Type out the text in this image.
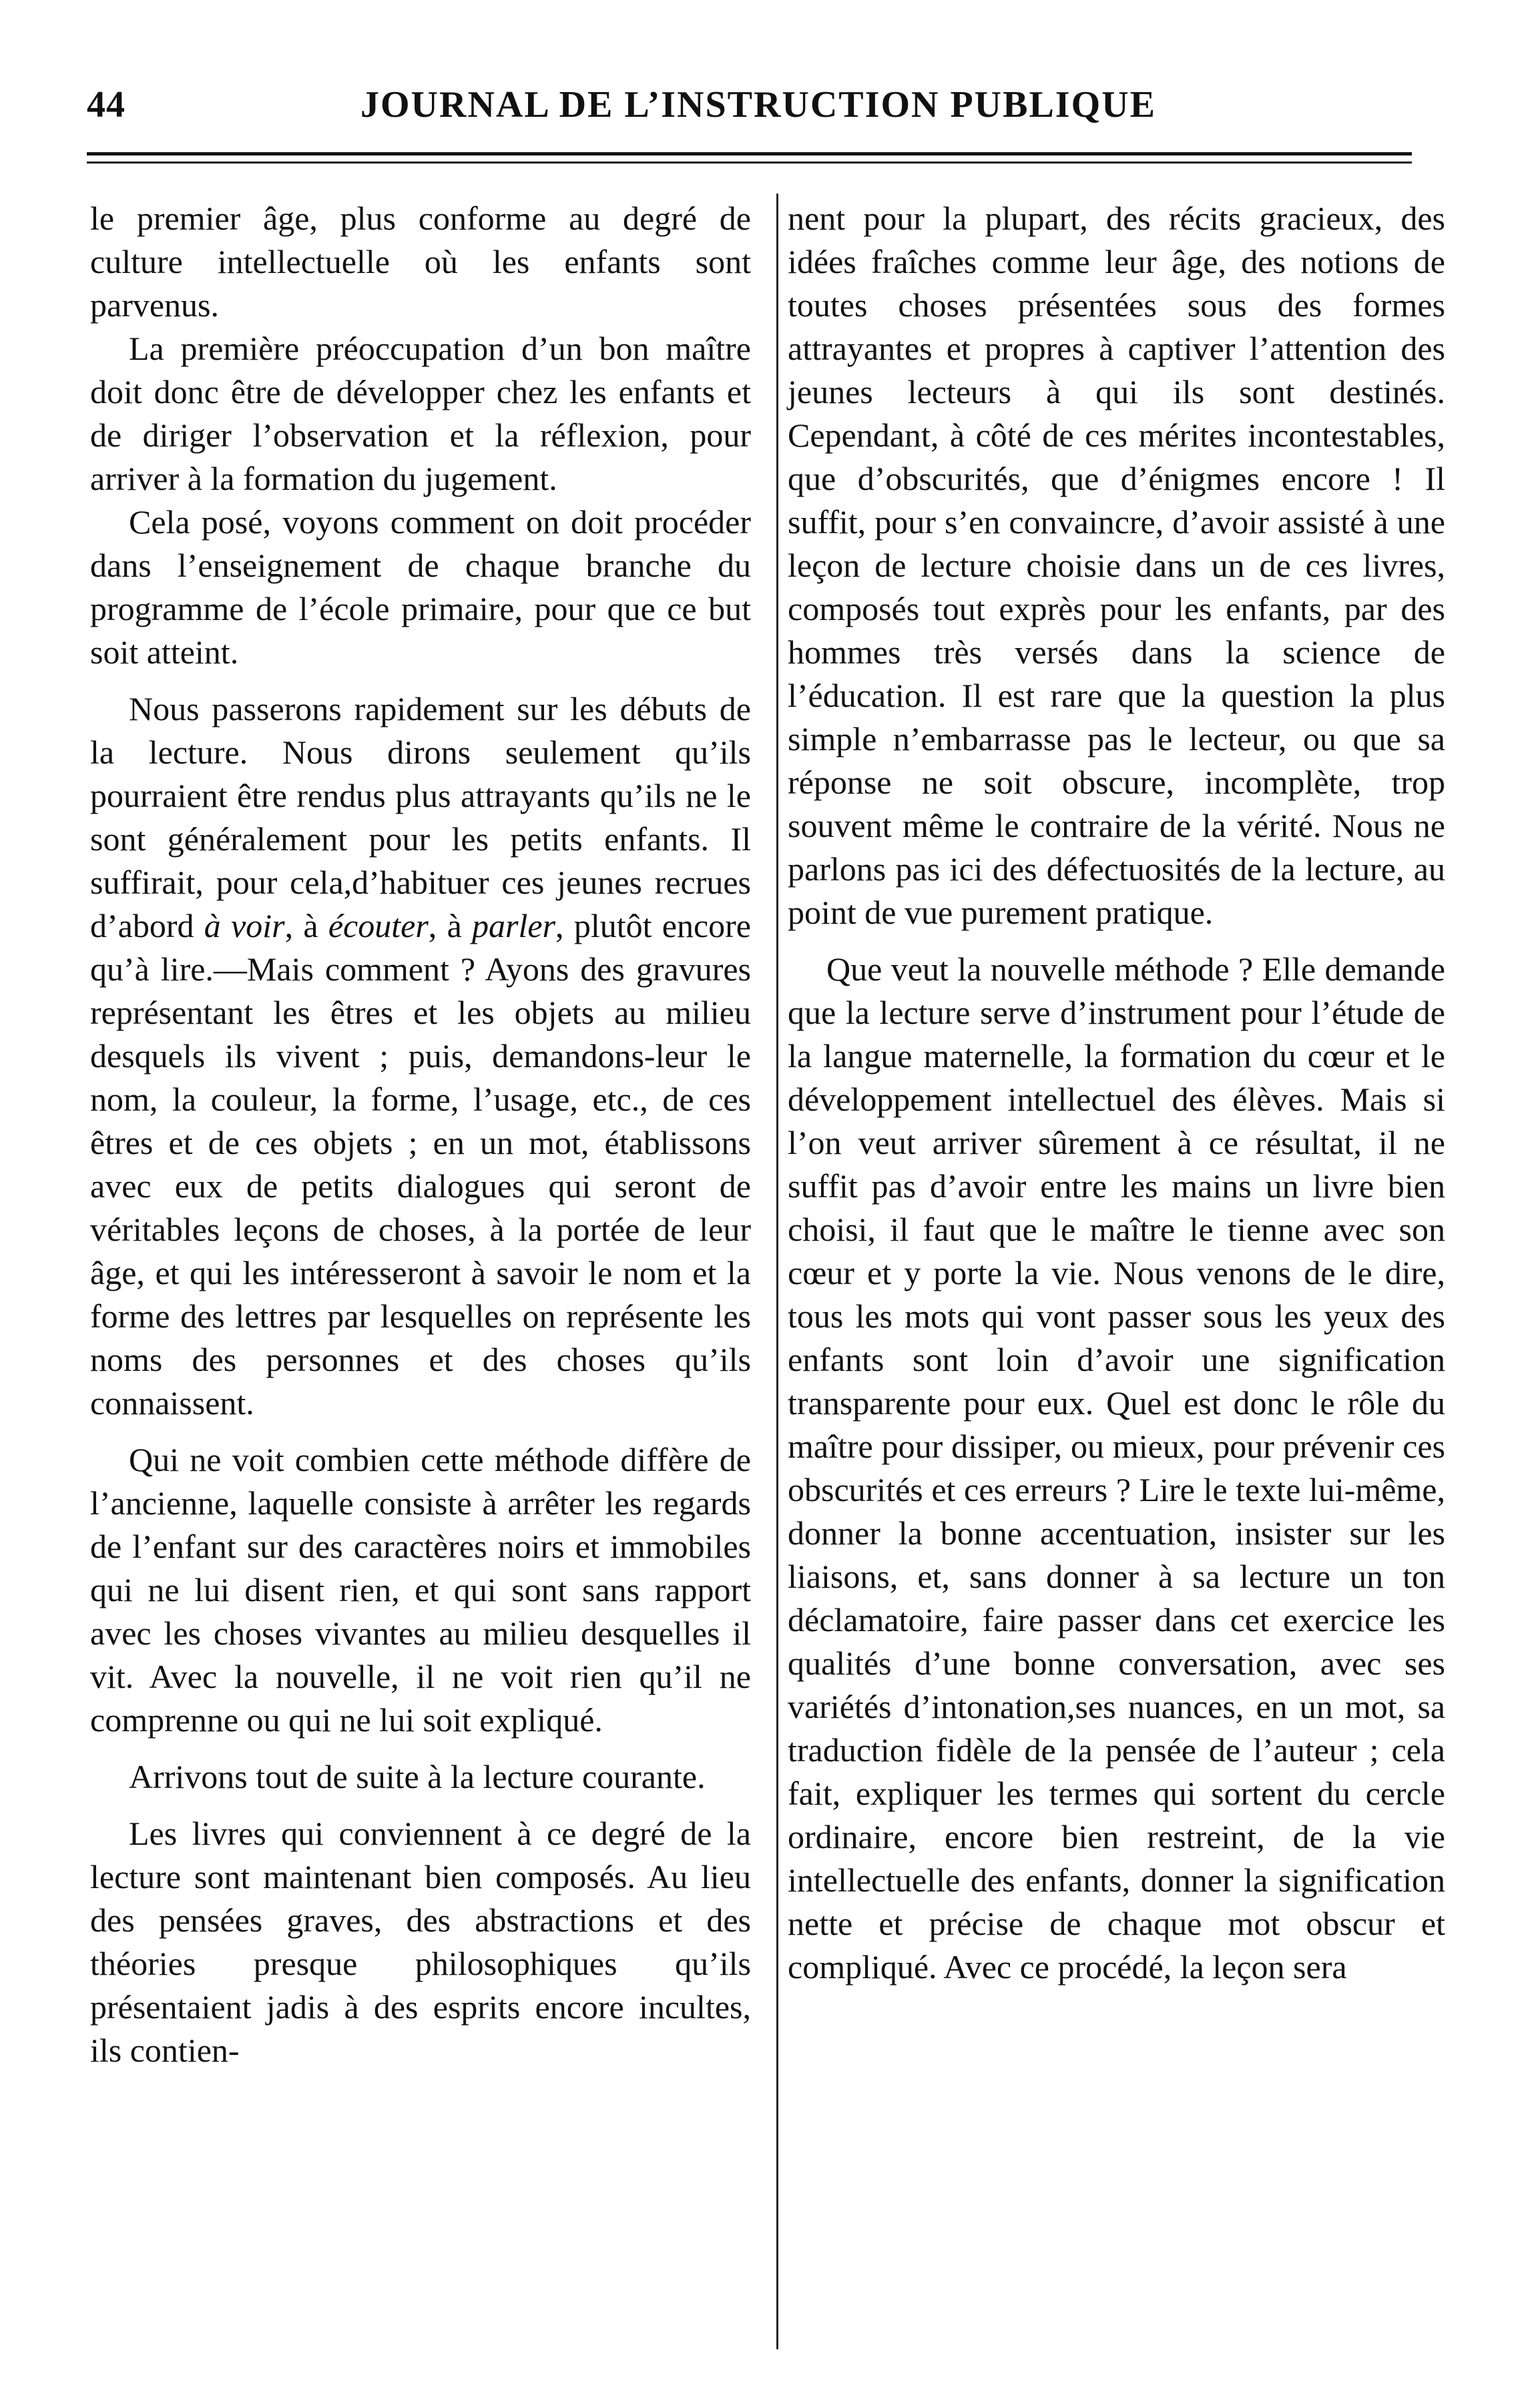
44	JOURNAL DE L’INSTRUCTION PUBLIQUE

le premier âge, plus conforme au degré de culture intellectuelle où les enfants sont parvenus.

La première préoccupation d’un bon maître doit donc être de développer chez les enfants et de diriger l’observation et la réflexion, pour arriver à la formation du jugement.

Cela posé, voyons comment on doit procéder dans l’enseignement de chaque branche du programme de l’école primaire, pour que ce but soit atteint.

Nous passerons rapidement sur les débuts de la lecture. Nous dirons seulement qu’ils pourraient être rendus plus attrayants qu’ils ne le sont généralement pour les petits enfants. Il suffirait, pour cela,d’habituer ces jeunes recrues d’abord à voir, à écouter, à parler, plutôt encore qu’à lire.—Mais comment ? Ayons des gravures représentant les êtres et les objets au milieu desquels ils vivent ; puis, demandons-leur le nom, la couleur, la forme, l’usage, etc., de ces êtres et de ces objets ; en un mot, établissons avec eux de petits dialogues qui seront de véritables leçons de choses, à la portée de leur âge, et qui les intéresseront à savoir le nom et la forme des lettres par lesquelles on représente les noms des personnes et des choses qu’ils connaissent.

Qui ne voit combien cette méthode diffère de l’ancienne, laquelle consiste à arrêter les regards de l’enfant sur des caractères noirs et immobiles qui ne lui disent rien, et qui sont sans rapport avec les choses vivantes au milieu desquelles il vit. Avec la nouvelle, il ne voit rien qu’il ne comprenne ou qui ne lui soit expliqué.

Arrivons tout de suite à la lecture courante.

Les livres qui conviennent à ce degré de la lecture sont maintenant bien composés. Au lieu des pensées graves, des abstractions et des théories presque philosophiques qu’ils présentaient jadis à des esprits encore incultes, ils contien-

nent pour la plupart, des récits gracieux, des idées fraîches comme leur âge, des notions de toutes choses présentées sous des formes attrayantes et propres à captiver l’attention des jeunes lecteurs à qui ils sont destinés. Cependant, à côté de ces mérites incontestables, que d’obscurités, que d’énigmes encore ! Il suffit, pour s’en convaincre, d’avoir assisté à une leçon de lecture choisie dans un de ces livres, composés tout exprès pour les enfants, par des hommes très versés dans la science de l’éducation. Il est rare que la question la plus simple n’embarrasse pas le lecteur, ou que sa réponse ne soit obscure, incomplète, trop souvent même le contraire de la vérité. Nous ne parlons pas ici des défectuosités de la lecture, au point de vue purement pratique.

Que veut la nouvelle méthode ? Elle demande que la lecture serve d’instrument pour l’étude de la langue maternelle, la formation du cœur et le développement intellectuel des élèves. Mais si l’on veut arriver sûrement à ce résultat, il ne suffit pas d’avoir entre les mains un livre bien choisi, il faut que le maître le tienne avec son cœur et y porte la vie. Nous venons de le dire, tous les mots qui vont passer sous les yeux des enfants sont loin d’avoir une signification transparente pour eux. Quel est donc le rôle du maître pour dissiper, ou mieux, pour prévenir ces obscurités et ces erreurs ? Lire le texte lui-même, donner la bonne accentuation, insister sur les liaisons, et, sans donner à sa lecture un ton déclamatoire, faire passer dans cet exercice les qualités d’une bonne conversation, avec ses variétés d’intonation,ses nuances, en un mot, sa traduction fidèle de la pensée de l’auteur ; cela fait, expliquer les termes qui sortent du cercle ordinaire, encore bien restreint, de la vie intellectuelle des enfants, donner la signification nette et précise de chaque mot obscur et compliqué. Avec ce procédé, la leçon sera
